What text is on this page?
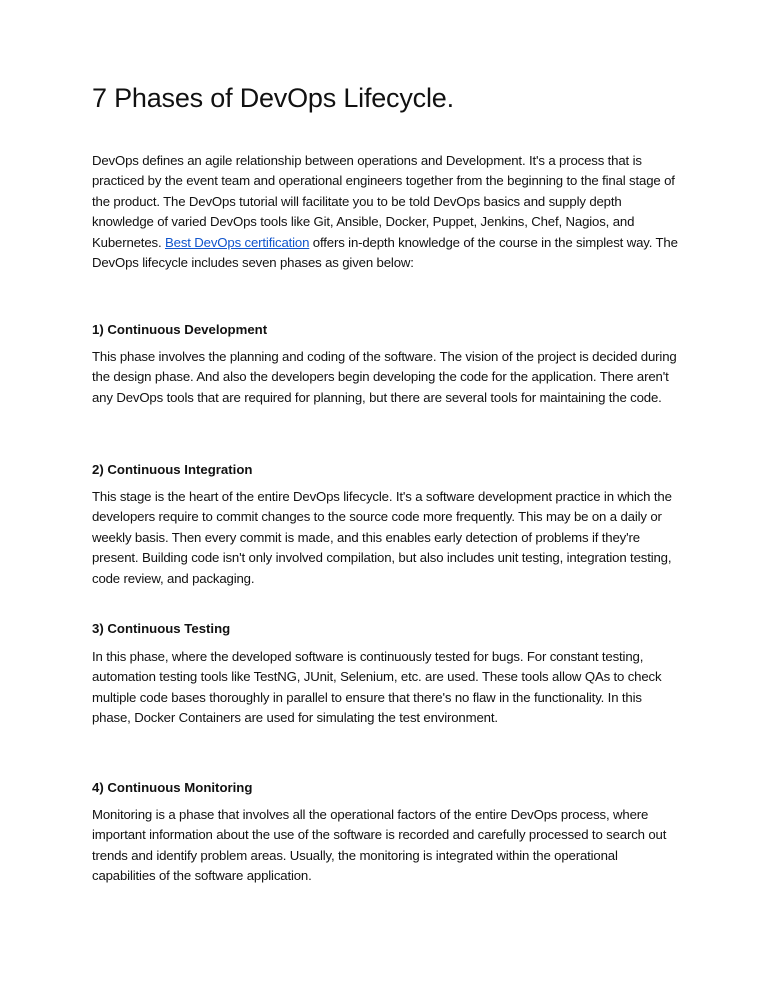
7 Phases of DevOps Lifecycle.

DevOps defines an agile relationship between operations and Development. It's a process that is practiced by the event team and operational engineers together from the beginning to the final stage of the product. The DevOps tutorial will facilitate you to be told DevOps basics and supply depth knowledge of varied DevOps tools like Git, Ansible, Docker, Puppet, Jenkins, Chef, Nagios, and Kubernetes. Best DevOps certification offers in-depth knowledge of the course in the simplest way. The DevOps lifecycle includes seven phases as given below:

1) Continuous Development

This phase involves the planning and coding of the software. The vision of the project is decided during the design phase. And also the developers begin developing the code for the application. There aren't any DevOps tools that are required for planning, but there are several tools for maintaining the code.

2) Continuous Integration

This stage is the heart of the entire DevOps lifecycle. It's a software development practice in which the developers require to commit changes to the source code more frequently. This may be on a daily or weekly basis. Then every commit is made, and this enables early detection of problems if they're present. Building code isn't only involved compilation, but also includes unit testing, integration testing, code review, and packaging.

3) Continuous Testing

In this phase, where the developed software is continuously tested for bugs. For constant testing, automation testing tools like TestNG, JUnit, Selenium, etc. are used. These tools allow QAs to check multiple code bases thoroughly in parallel to ensure that there's no flaw in the functionality. In this phase, Docker Containers are used for simulating the test environment.

4) Continuous Monitoring

Monitoring is a phase that involves all the operational factors of the entire DevOps process, where important information about the use of the software is recorded and carefully processed to search out trends and identify problem areas. Usually, the monitoring is integrated within the operational capabilities of the software application.
